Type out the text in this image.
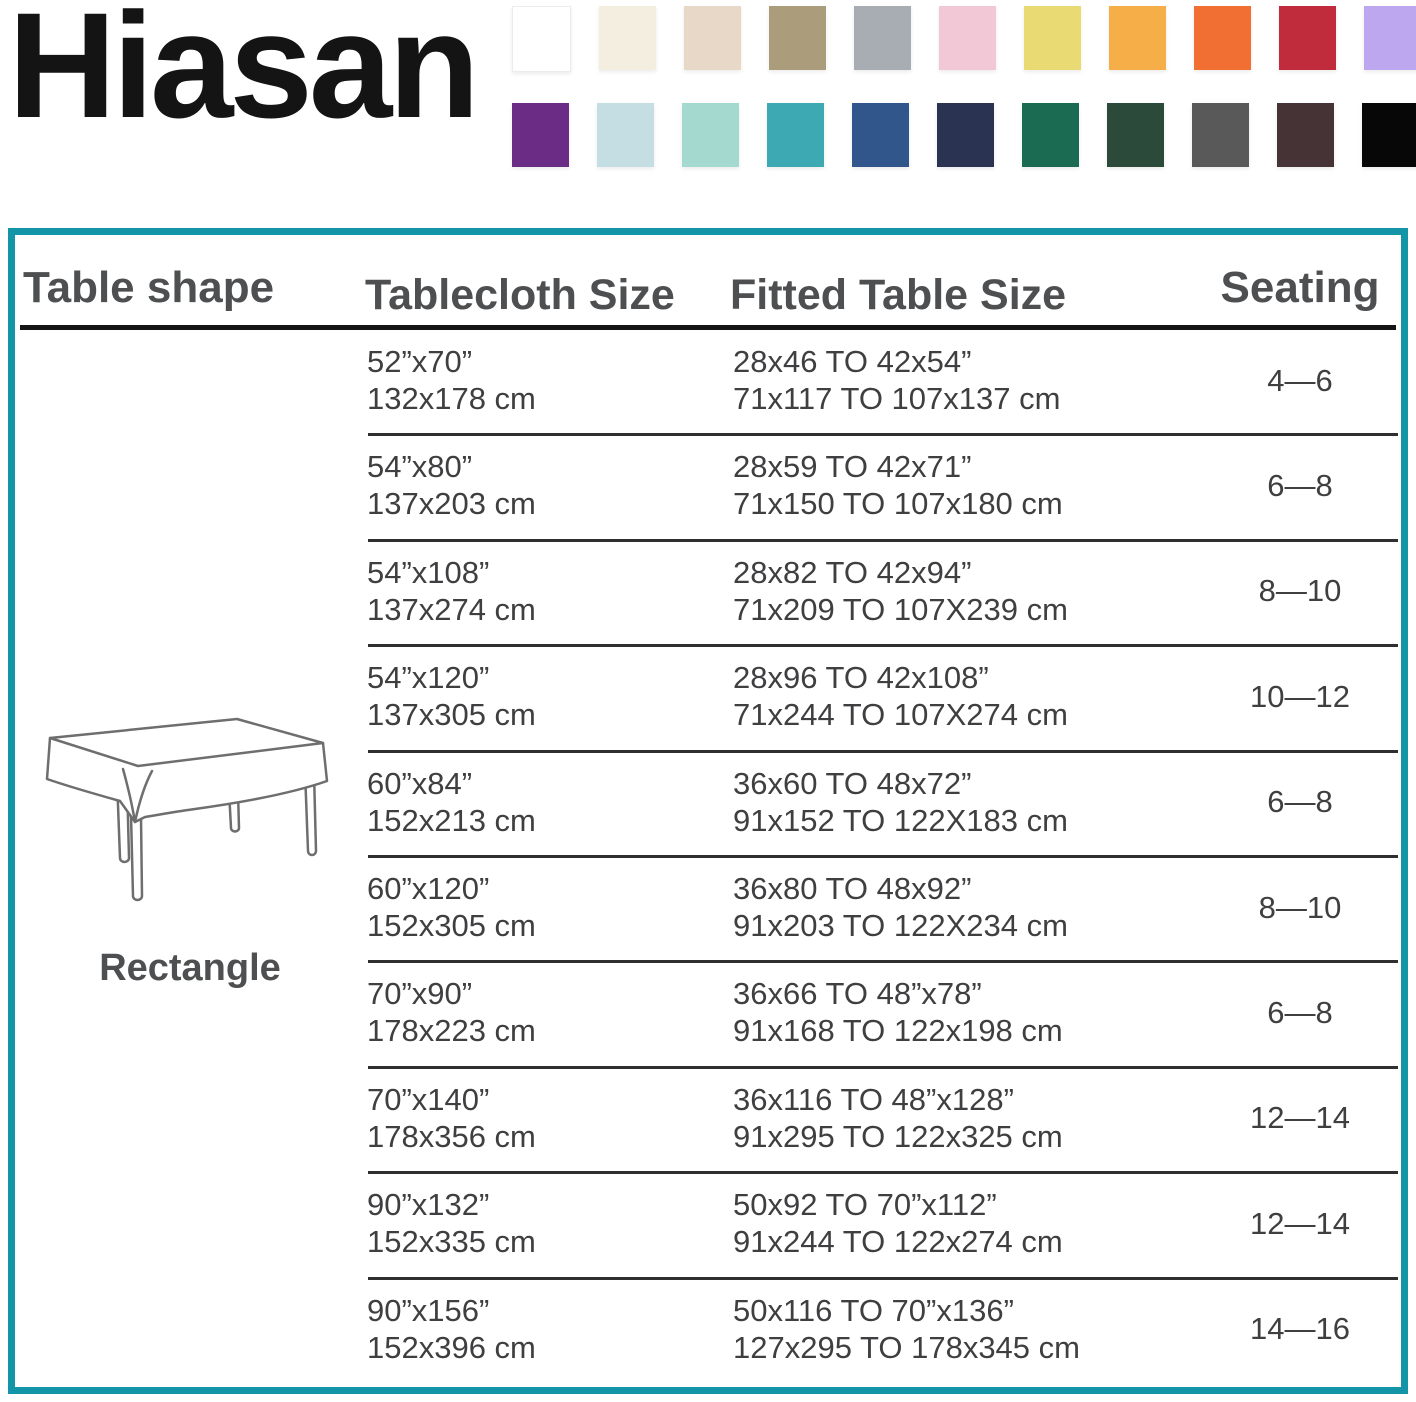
Hiasan
Table shape Tablecloth Size Fitted Table Size	Seating
Rectangle
52”x70”
132x178 cm
28x46 TO 42x54”
71x117 TO 107x137 cm
4—6
54”x80”
137x203 cm
28x59 TO 42x71”
71x150 TO 107x180 cm
6—8
54”x108”
137x274 cm
28x82 TO 42x94”
71x209 TO 107X239 cm
8—10
54”x120”
137x305 cm
28x96 TO 42x108”
71x244 TO 107X274 cm
10—12
60”x84”
152x213 cm
36x60 TO 48x72”
91x152 TO 122X183 cm
6—8
60”x120”
152x305 cm
36x80 TO 48x92”
91x203 TO 122X234 cm
8—10
70”x90”
178x223 cm
36x66 TO 48”x78”
91x168 TO 122x198 cm
6—8
70”x140”
178x356 cm
36x116 TO 48”x128”
91x295 TO 122x325 cm
12—14
90”x132”
152x335 cm
50x92 TO 70”x112”
91x244 TO 122x274 cm
12—14
90”x156”
152x396 cm
50x116 TO 70”x136”
127x295 TO 178x345 cm
14—16
